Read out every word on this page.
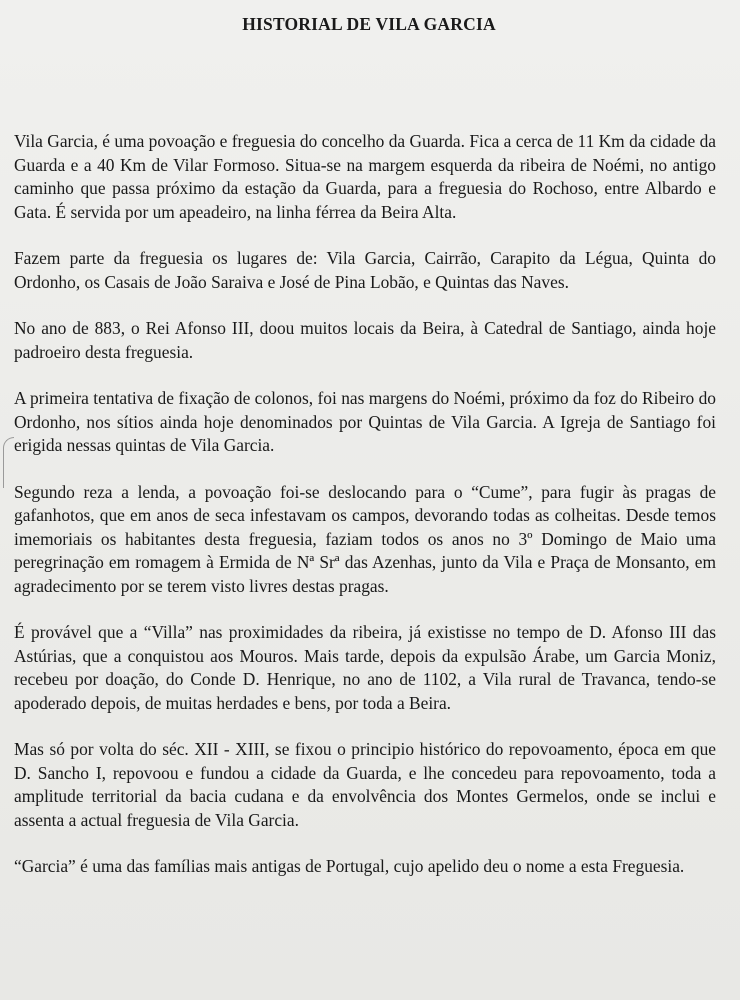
HISTORIAL DE VILA GARCIA

Vila Garcia, é uma povoação e freguesia do concelho da Guarda. Fica a cerca de 11 Km da cidade da Guarda e a 40 Km de Vilar Formoso. Situa-se na margem esquerda da ribeira de Noémi, no antigo caminho que passa próximo da estação da Guarda, para a freguesia do Rochoso, entre Albardo e Gata. É servida por um apeadeiro, na linha férrea da Beira Alta.

Fazem parte da freguesia os lugares de: Vila Garcia, Cairrão, Carapito da Légua, Quinta do Ordonho, os Casais de João Saraiva e José de Pina Lobão, e Quintas das Naves.

No ano de 883, o Rei Afonso III, doou muitos locais da Beira, à Catedral de Santiago, ainda hoje padroeiro desta freguesia.

A primeira tentativa de fixação de colonos, foi nas margens do Noémi, próximo da foz do Ribeiro do Ordonho, nos sítios ainda hoje denominados por Quintas de Vila Garcia. A Igreja de Santiago foi erigida nessas quintas de Vila Garcia.

Segundo reza a lenda, a povoação foi-se deslocando para o “Cume”, para fugir às pragas de gafanhotos, que em anos de seca infestavam os campos, devorando todas as colheitas. Desde temos imemoriais os habitantes desta freguesia, faziam todos os anos no 3º Domingo de Maio uma peregrinação em romagem à Ermida de Nª Srª das Azenhas, junto da Vila e Praça de Monsanto, em agradecimento por se terem visto livres destas pragas.

É provável que a “Villa” nas proximidades da ribeira, já existisse no tempo de D. Afonso III das Astúrias, que a conquistou aos Mouros. Mais tarde, depois da expulsão Árabe, um Garcia Moniz, recebeu por doação, do Conde D. Henrique, no ano de 1102, a Vila rural de Travanca, tendo-se apoderado depois, de muitas herdades e bens, por toda a Beira.

Mas só por volta do séc. XII - XIII, se fixou o principio histórico do repovoamento, época em que D. Sancho I, repovoou e fundou a cidade da Guarda, e lhe concedeu para repovoamento, toda a amplitude territorial da bacia cudana e da envolvência dos Montes Germelos, onde se inclui e assenta a actual freguesia de Vila Garcia.

“Garcia” é uma das famílias mais antigas de Portugal, cujo apelido deu o nome a esta Freguesia.
